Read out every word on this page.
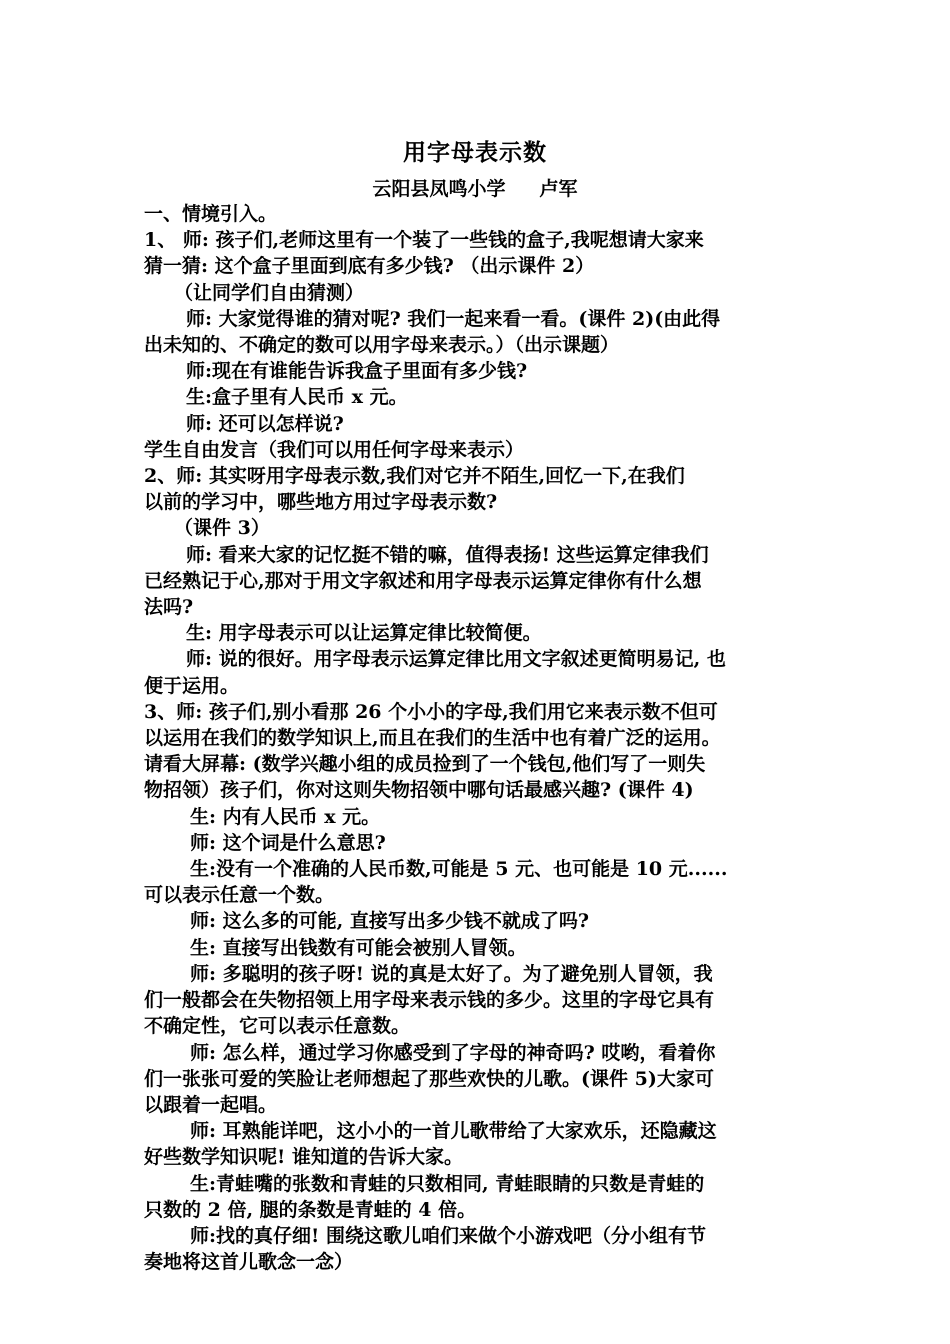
用字母表示数
云阳县凤鸣小学 卢军

一、情境引入。

1、 师: 孩子们,老师这里有一个装了一些钱的盒子,我呢想请大家来

猜一猜: 这个盒子里面到底有多少钱? （出示课件 2）

（让同学们自由猜测）

师: 大家觉得谁的猜对呢? 我们一起来看一看。(课件 2)(由此得

出未知的、不确定的数可以用字母来表示。）（出示课题）

师:现在有谁能告诉我盒子里面有多少钱?

生:盒子里有人民币 x 元。

师: 还可以怎样说?

学生自由发言（我们可以用任何字母来表示）

2、师: 其实呀用字母表示数,我们对它并不陌生,回忆一下,在我们

以前的学习中，哪些地方用过字母表示数?

（课件 3）

师: 看来大家的记忆挺不错的嘛，值得表扬! 这些运算定律我们

已经熟记于心,那对于用文字叙述和用字母表示运算定律你有什么想

法吗?

生: 用字母表示可以让运算定律比较简便。

师: 说的很好。用字母表示运算定律比用文字叙述更简明易记, 也

便于运用。

3、师: 孩子们,别小看那 26 个小小的字母,我们用它来表示数不但可

以运用在我们的数学知识上,而且在我们的生活中也有着广泛的运用。

请看大屏幕: (数学兴趣小组的成员捡到了一个钱包,他们写了一则失

物招领）孩子们，你对这则失物招领中哪句话最感兴趣? (课件 4)

生: 内有人民币 x 元。

师: 这个词是什么意思?

生:没有一个准确的人民币数,可能是 5 元、也可能是 10 元......

可以表示任意一个数。

师: 这么多的可能, 直接写出多少钱不就成了吗?

生: 直接写出钱数有可能会被别人冒领。

师: 多聪明的孩子呀! 说的真是太好了。为了避免别人冒领，我

们一般都会在失物招领上用字母来表示钱的多少。这里的字母它具有

不确定性，它可以表示任意数。

师: 怎么样，通过学习你感受到了字母的神奇吗? 哎哟，看着你

们一张张可爱的笑脸让老师想起了那些欢快的儿歌。(课件 5)大家可

以跟着一起唱。

师: 耳熟能详吧，这小小的一首儿歌带给了大家欢乐，还隐藏这

好些数学知识呢! 谁知道的告诉大家。

生:青蛙嘴的张数和青蛙的只数相同, 青蛙眼睛的只数是青蛙的

只数的 2 倍, 腿的条数是青蛙的 4 倍。

师:找的真仔细! 围绕这歌儿咱们来做个小游戏吧（分小组有节

奏地将这首儿歌念一念）
